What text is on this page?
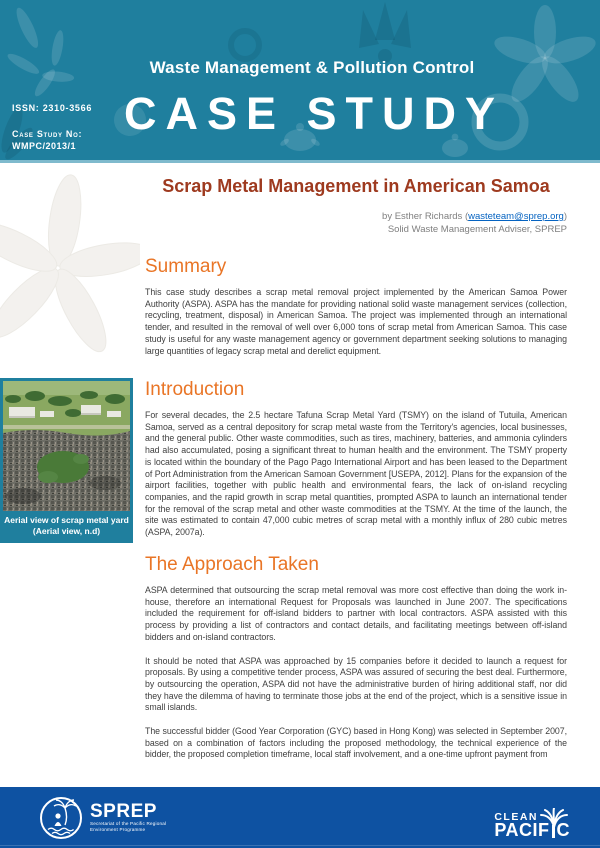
Waste Management & Pollution Control
CASE STUDY
ISSN: 2310-3566
Case Study No:
WMPC/2013/1
Scrap Metal Management in American Samoa
by Esther Richards (wasteteam@sprep.org)
Solid Waste Management Adviser, SPREP
Summary

This case study describes a scrap metal removal project implemented by the American Samoa Power Authority (ASPA). ASPA has the mandate for providing national solid waste management services (collection, recycling, treatment, disposal) in American Samoa. The project was implemented through an international tender, and resulted in the removal of well over 6,000 tons of scrap metal from American Samoa. This case study is useful for any waste management agency or government department seeking solutions to managing large quantities of legacy scrap metal and derelict equipment.

Introduction

For several decades, the 2.5 hectare Tafuna Scrap Metal Yard (TSMY) on the island of Tutuila, American Samoa, served as a central depository for scrap metal waste from the Territory's agencies, local businesses, and the general public. Other waste commodities, such as tires, machinery, batteries, and ammonia cylinders had also accumulated, posing a significant threat to human health and the environment. The TSMY property is located within the boundary of the Pago Pago International Airport and has been leased to the Department of Port Administration from the American Samoan Government [USEPA, 2012]. Plans for the expansion of the airport facilities, together with public health and environmental fears, the lack of on-island recycling companies, and the rapid growth in scrap metal quantities, prompted ASPA to launch an international tender for the removal of the scrap metal and other waste commodities at the TSMY. At the time of the launch, the site was estimated to contain 47,000 cubic metres of scrap metal with a monthly influx of 280 cubic metres (ASPA, 2007a).

The Approach Taken

ASPA determined that outsourcing the scrap metal removal was more cost effective than doing the work in-house, therefore an international Request for Proposals was launched in June 2007. The specifications included the requirement for off-island bidders to partner with local contractors. ASPA assisted with this process by providing a list of contractors and contact details, and facilitating meetings between off-island bidders and on-island contractors.

It should be noted that ASPA was approached by 15 companies before it decided to launch a request for proposals. By using a competitive tender process, ASPA was assured of securing the best deal. Furthermore, by outsourcing the operation, ASPA did not have the administrative burden of hiring additional staff, nor did they have the dilemma of having to terminate those jobs at the end of the project, which is a sensitive issue in small islands.

The successful bidder (Good Year Corporation (GYC) based in Hong Kong) was selected in September 2007, based on a combination of factors including the proposed methodology, the technical experience of the bidder, the proposed completion timeframe, local staff involvement, and a one-time upfront payment from

Aerial view of scrap metal yard
(Aerial view, n.d)
SPREP
Secretariat of the Pacific Regional
Environment Programme
CLEAN
PACIF C
